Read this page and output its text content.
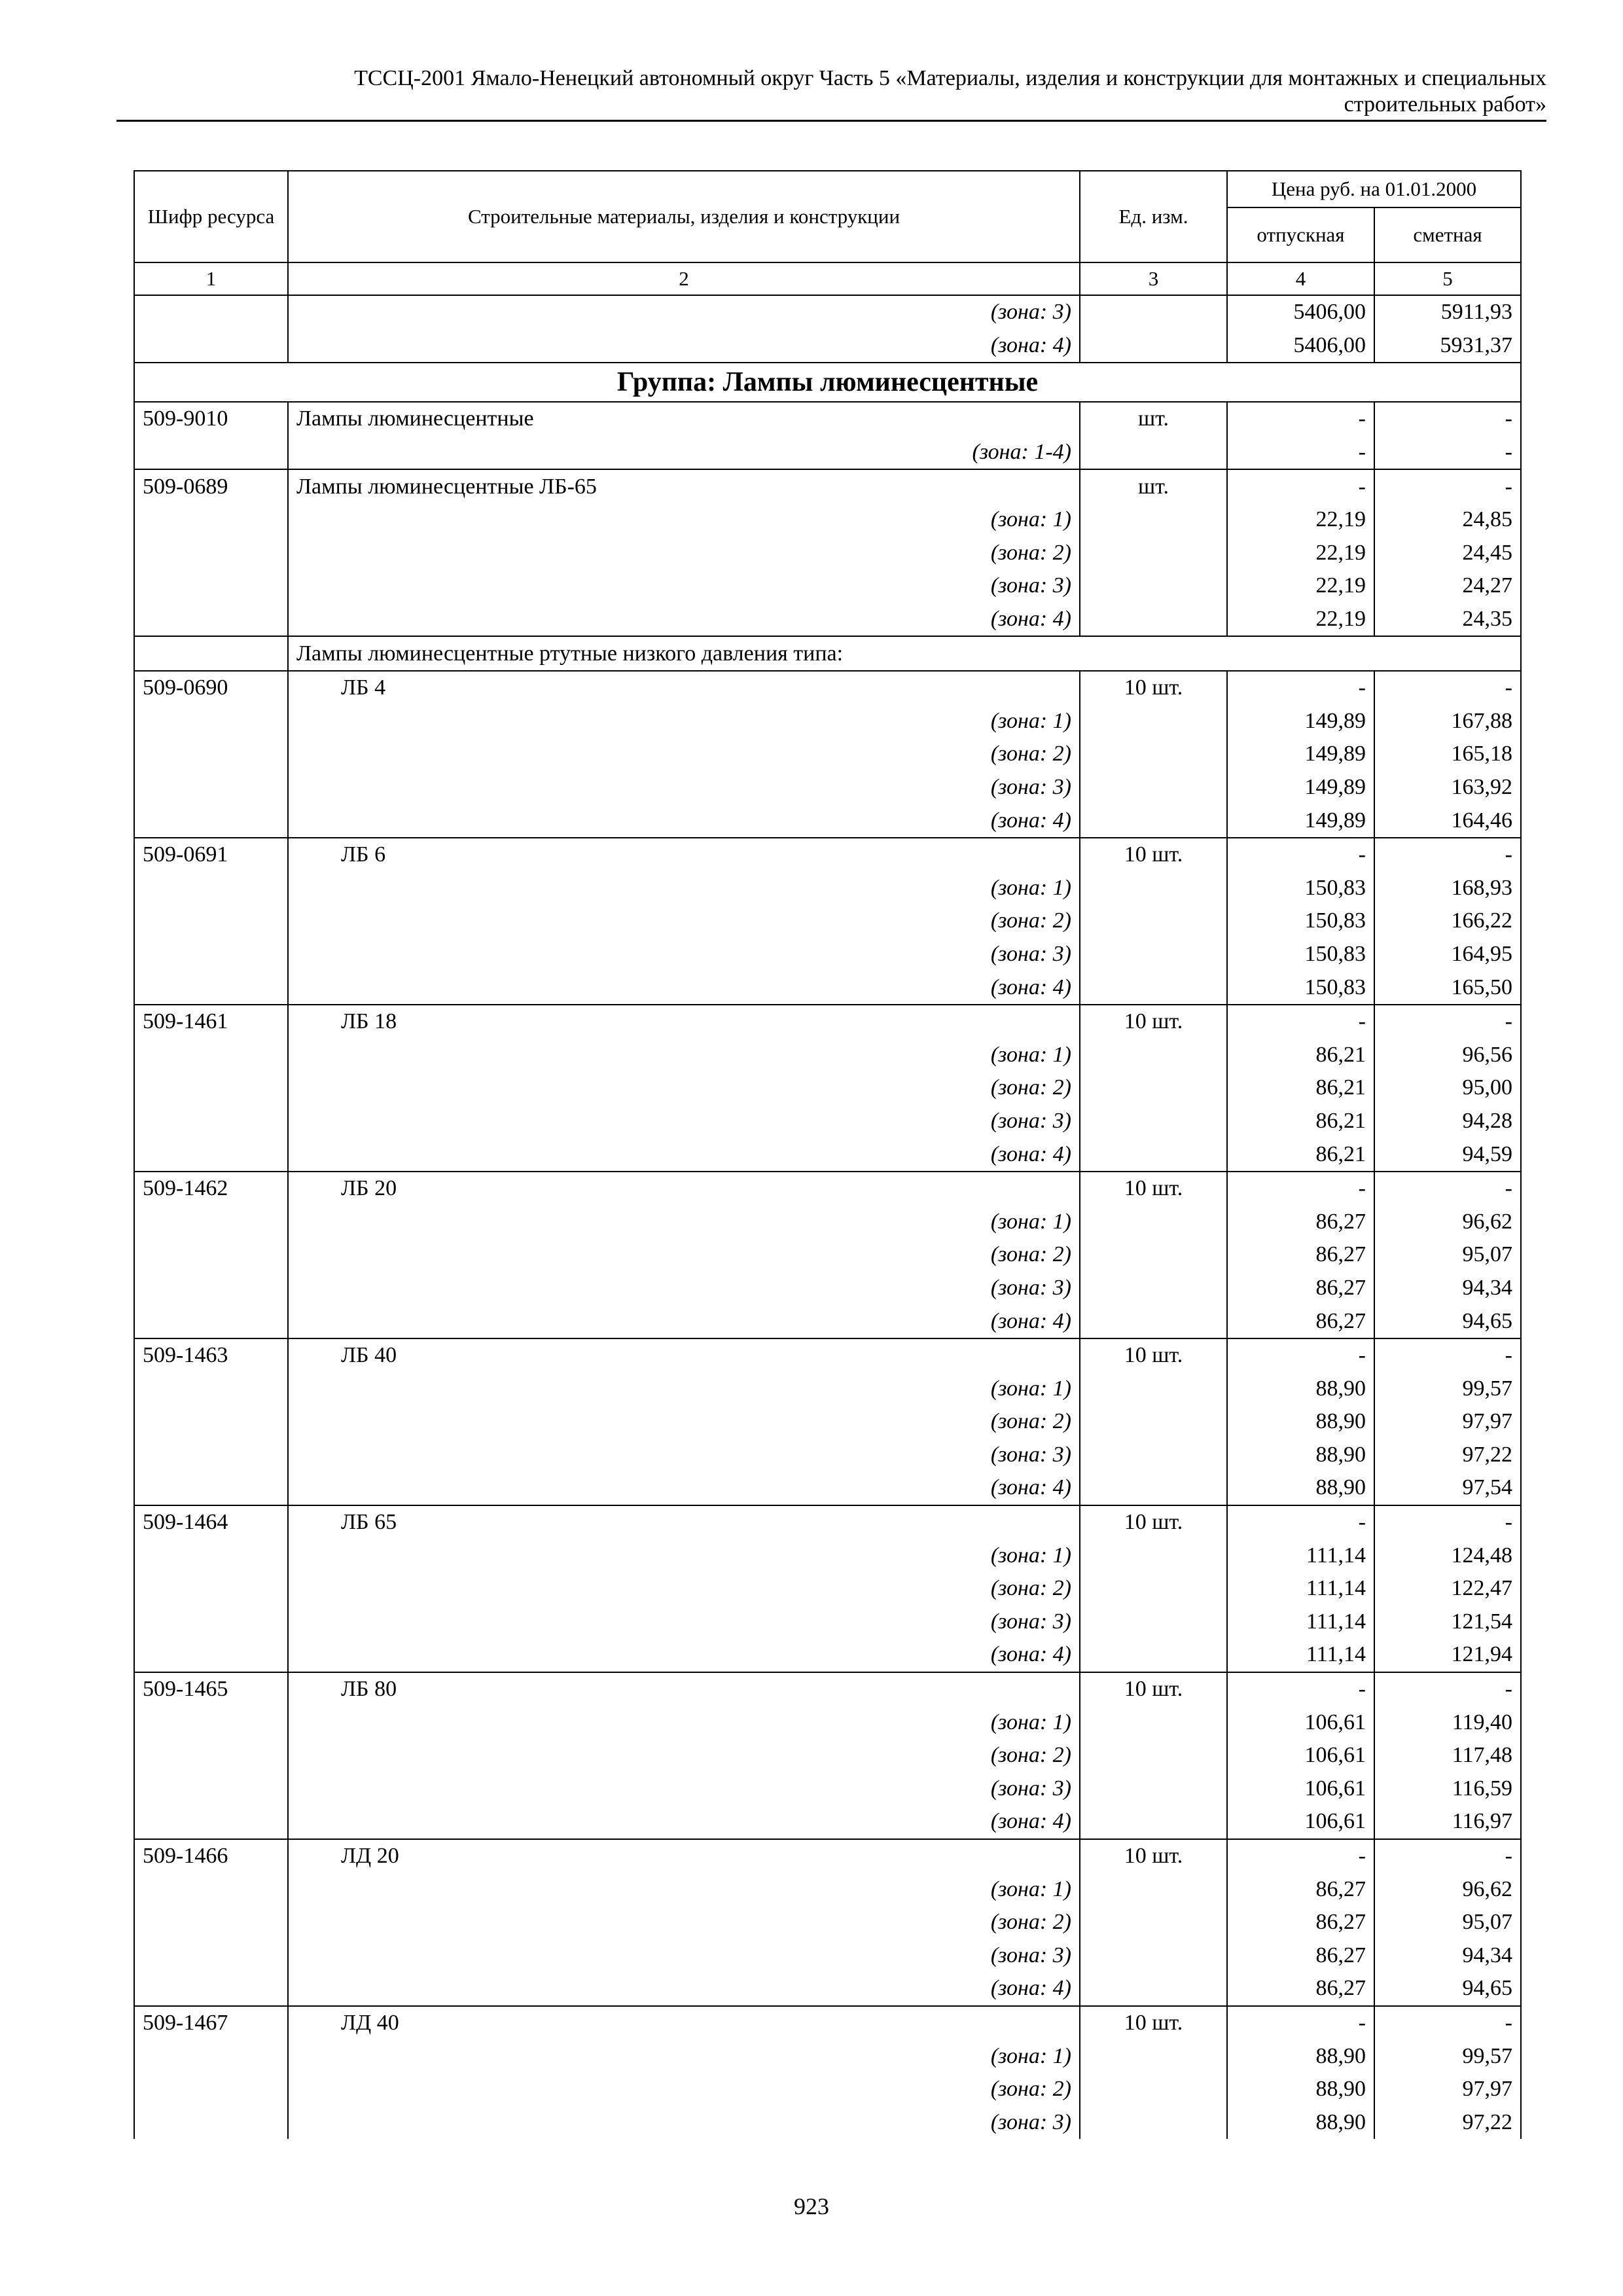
ТССЦ-2001 Ямало-Ненецкий автономный округ Часть 5 «Материалы, изделия и конструкции для монтажных и специальных
строительных работ»
Шифр ресурса	Строительные материалы, изделия и конструкции	Ед. изм.	Цена руб. на 01.01.2000	
			отпускная	сметная
1	2	3	4	5
	(зона: 3)		5406,00	5911,93
	(зона: 4)		5406,00	5931,37
Группа: Лампы люминесцентные				
509-9010	Лампы люминесцентные	шт.	-	-
	(зона: 1-4)		-	-
509-0689	Лампы люминесцентные ЛБ-65	шт.	-	-
	(зона: 1)		22,19	24,85
	(зона: 2)		22,19	24,45
	(зона: 3)		22,19	24,27
	(зона: 4)		22,19	24,35
	Лампы люминесцентные ртутные низкого давления типа:			
509-0690	ЛБ 4	10 шт.	-	-
	(зона: 1)		149,89	167,88
	(зона: 2)		149,89	165,18
	(зона: 3)		149,89	163,92
	(зона: 4)		149,89	164,46
509-0691	ЛБ 6	10 шт.	-	-
	(зона: 1)		150,83	168,93
	(зона: 2)		150,83	166,22
	(зона: 3)		150,83	164,95
	(зона: 4)		150,83	165,50
509-1461	ЛБ 18	10 шт.	-	-
	(зона: 1)		86,21	96,56
	(зона: 2)		86,21	95,00
	(зона: 3)		86,21	94,28
	(зона: 4)		86,21	94,59
509-1462	ЛБ 20	10 шт.	-	-
	(зона: 1)		86,27	96,62
	(зона: 2)		86,27	95,07
	(зона: 3)		86,27	94,34
	(зона: 4)		86,27	94,65
509-1463	ЛБ 40	10 шт.	-	-
	(зона: 1)		88,90	99,57
	(зона: 2)		88,90	97,97
	(зона: 3)		88,90	97,22
	(зона: 4)		88,90	97,54
509-1464	ЛБ 65	10 шт.	-	-
	(зона: 1)		111,14	124,48
	(зона: 2)		111,14	122,47
	(зона: 3)		111,14	121,54
	(зона: 4)		111,14	121,94
509-1465	ЛБ 80	10 шт.	-	-
	(зона: 1)		106,61	119,40
	(зона: 2)		106,61	117,48
	(зона: 3)		106,61	116,59
	(зона: 4)		106,61	116,97
509-1466	ЛД 20	10 шт.	-	-
	(зона: 1)		86,27	96,62
	(зона: 2)		86,27	95,07
	(зона: 3)		86,27	94,34
	(зона: 4)		86,27	94,65
509-1467	ЛД 40	10 шт.	-	-
	(зона: 1)		88,90	99,57
	(зона: 2)		88,90	97,97
	(зона: 3)		88,90	97,22
923
